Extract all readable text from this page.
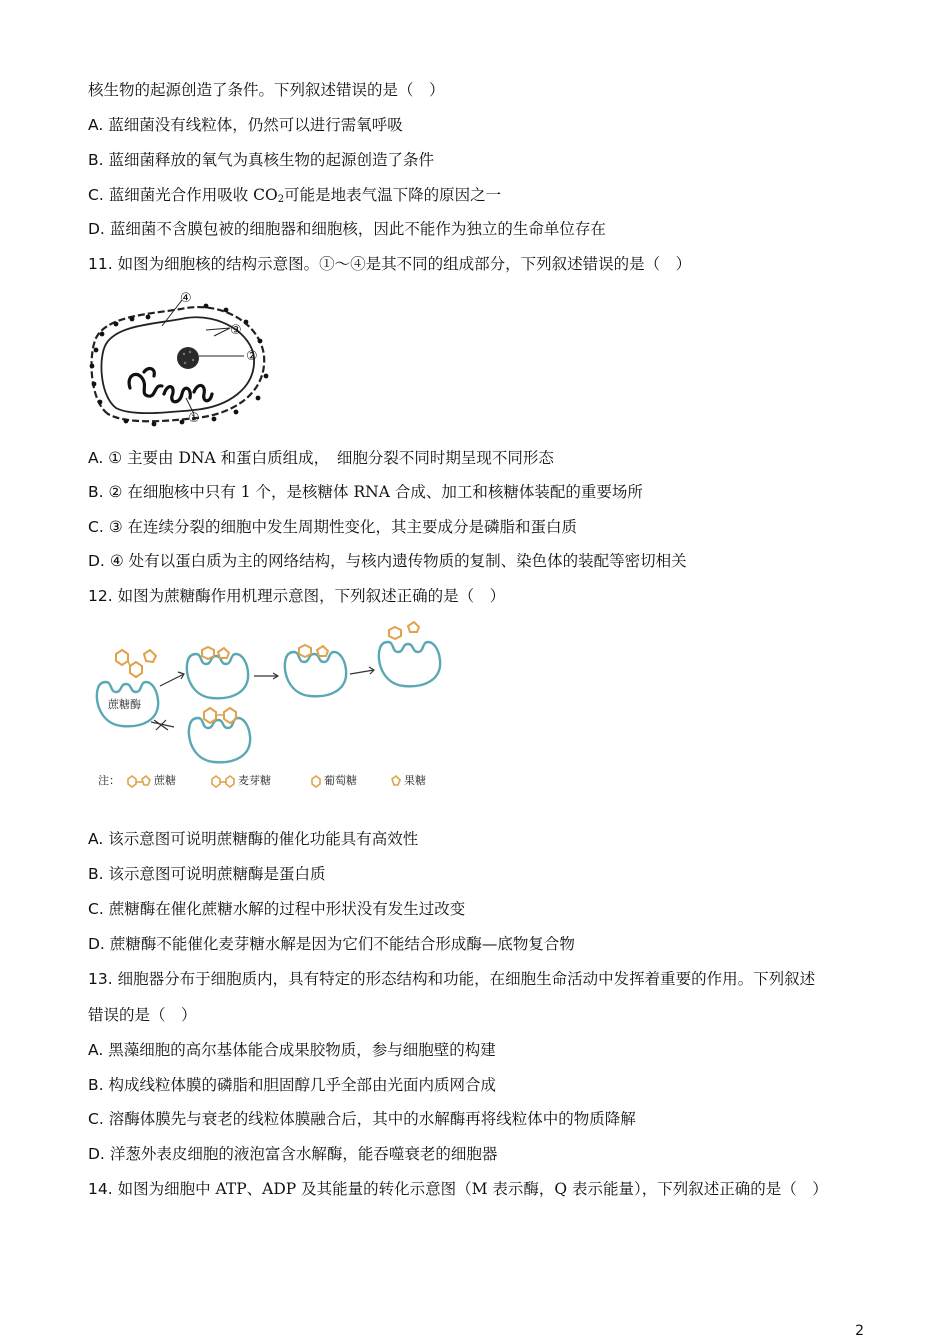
核生物的起源创造了条件。下列叙述错误的是（　）
A. 蓝细菌没有线粒体，仍然可以进行需氧呼吸
B. 蓝细菌释放的氧气为真核生物的起源创造了条件
C. 蓝细菌光合作用吸收 $CO_2$可能是地表气温下降的原因之一
D. 蓝细菌不含膜包被的细胞器和细胞核，因此不能作为独立的生命单位存在
11. 如图为细胞核的结构示意图。①～④是其不同的组成部分，下列叙述错误的是（　）
④
③
②
①
A. ① 主要由 DNA 和蛋白质组成，　细胞分裂不同时期呈现不同形态
B. ② 在细胞核中只有 1 个，是核糖体 RNA 合成、加工和核糖体装配的重要场所
C. ③ 在连续分裂的细胞中发生周期性变化，其主要成分是磷脂和蛋白质
D. ④ 处有以蛋白质为主的网络结构，与核内遗传物质的复制、染色体的装配等密切相关
12. 如图为蔗糖酶作用机理示意图，下列叙述正确的是（　）
蔗糖酶
注：	蔗糖	麦芽糖	葡萄糖	果糖
A. 该示意图可说明蔗糖酶的催化功能具有高效性
B. 该示意图可说明蔗糖酶是蛋白质
C. 蔗糖酶在催化蔗糖水解的过程中形状没有发生过改变
D. 蔗糖酶不能催化麦芽糖水解是因为它们不能结合形成酶—底物复合物
13. 细胞器分布于细胞质内，具有特定的形态结构和功能，在细胞生命活动中发挥着重要的作用。下列叙述
错误的是（　）
A. 黑藻细胞的高尔基体能合成果胶物质，参与细胞壁的构建
B. 构成线粒体膜的磷脂和胆固醇几乎全部由光面内质网合成
C. 溶酶体膜先与衰老的线粒体膜融合后，其中的水解酶再将线粒体中的物质降解
D. 洋葱外表皮细胞的液泡富含水解酶，能吞噬衰老的细胞器
14. 如图为细胞中 ATP、ADP 及其能量的转化示意图（M 表示酶，Q 表示能量），下列叙述正确的是（　）
2
